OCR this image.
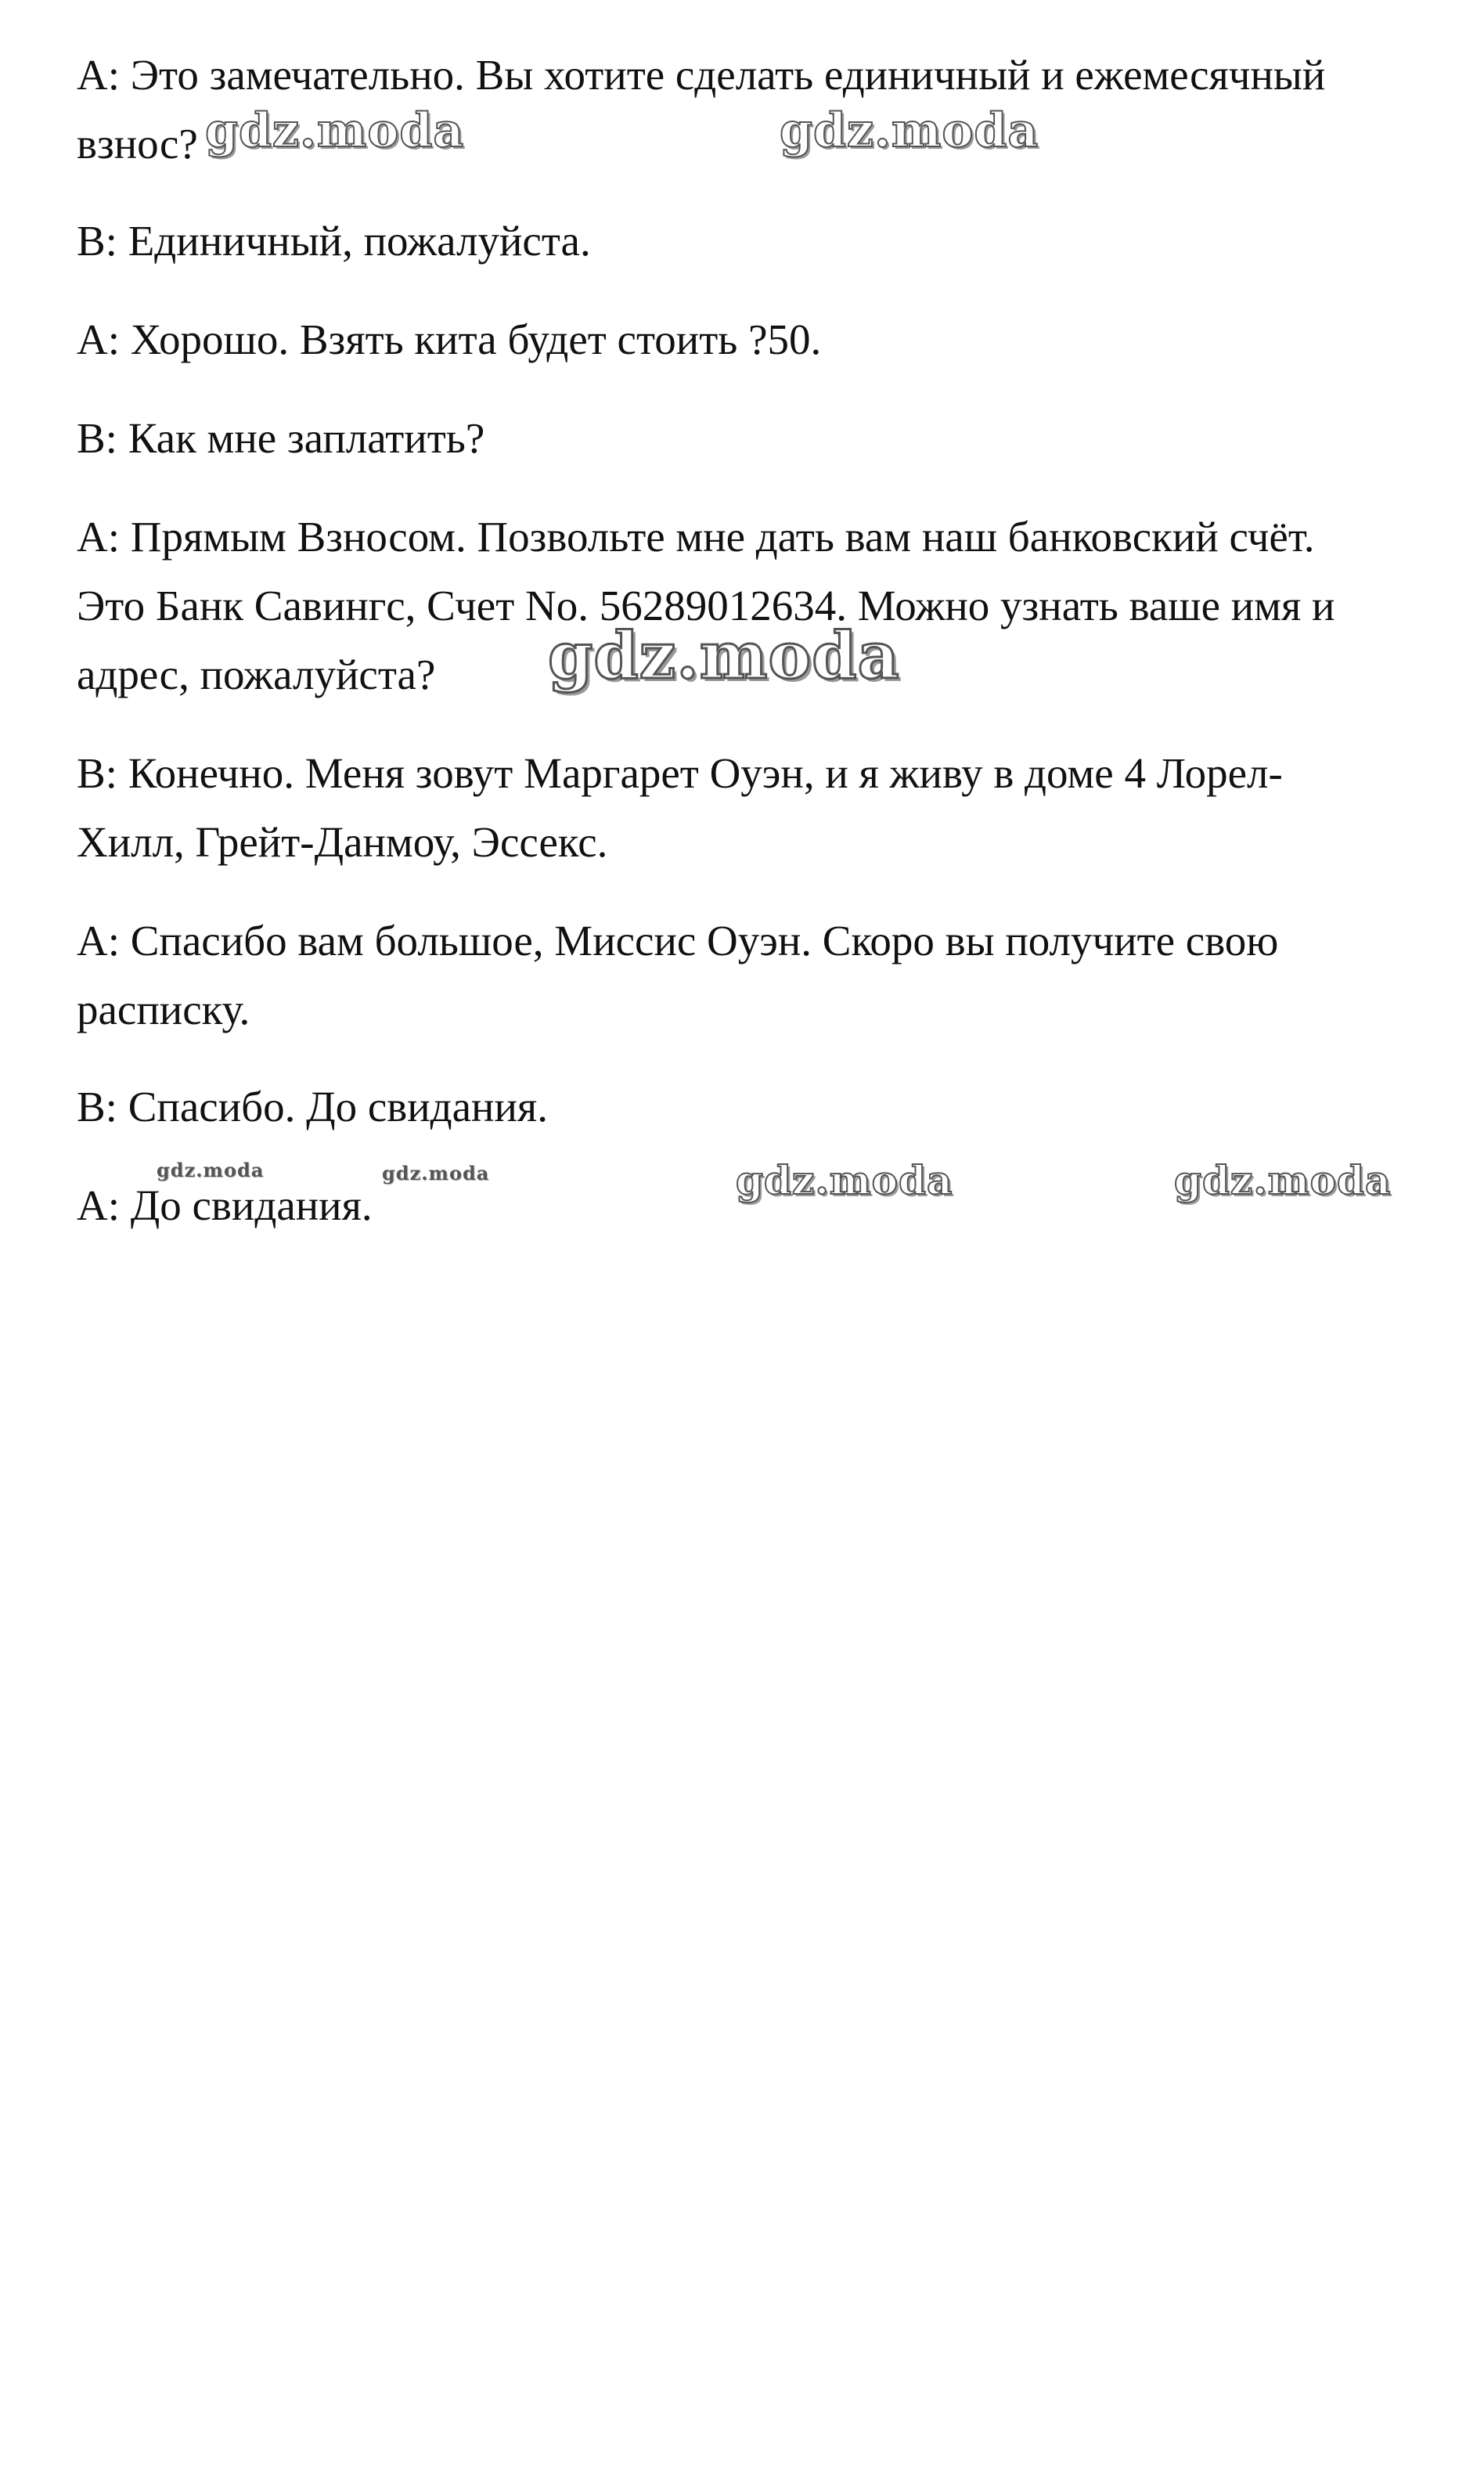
A: Это замечательно. Вы хотите сделать единичный и ежемесячный
взнос?

B: Единичный, пожалуйста.

A: Хорошо. Взять кита будет стоить ?50.

B: Как мне заплатить?

A: Прямым Взносом. Позвольте мне дать вам наш банковский счёт.
Это Банк Савингс, Счет No. 56289012634. Можно узнать ваше имя и
адрес, пожалуйста?

B: Конечно. Меня зовут Маргарет Оуэн, и я живу в доме 4 Лорел-
Хилл, Грейт-Данмоу, Эссекс.

A: Спасибо вам большое, Миссис Оуэн. Скоро вы получите свою
расписку.

B: Спасибо. До свидания.

A: До свидания.

gdz.moda	gdz.moda
gdz.moda
gdz.moda	gdz.moda	gdz.moda	gdz.moda
